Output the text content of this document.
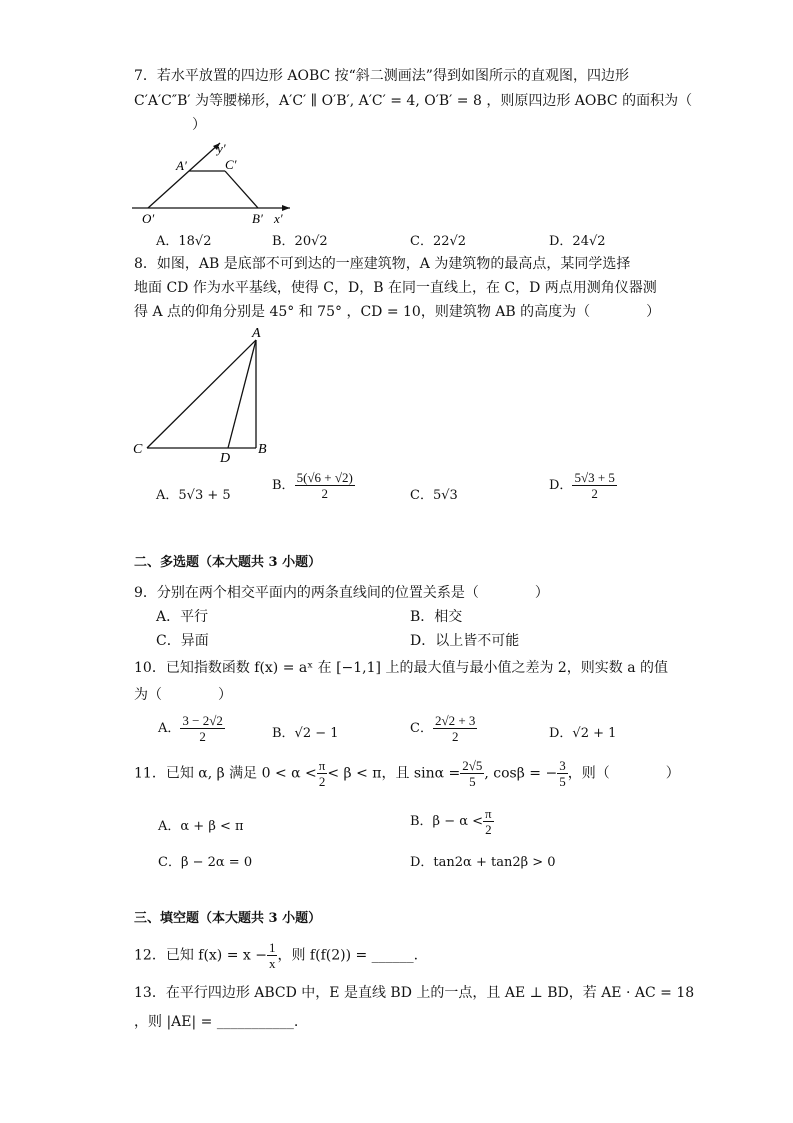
7．若水平放置的四边形 AOBC 按“斜二测画法”得到如图所示的直观图，四边形
C′A′C″B′ 为等腰梯形，A′C′ ∥ O′B′, A′C′ = 4, O′B′ = 8 ，则原四边形 AOBC 的面积为（
）
A′	C′
O′	B′ x′
y′
A．18√2	B．20√2	C．22√2	D．24√2
8．如图，AB 是底部不可到达的一座建筑物，A 为建筑物的最高点，某同学选择
地面 CD 作为水平基线，使得 C，D，B 在同一直线上，在 C，D 两点用测角仪器测
得 A 点的仰角分别是 45° 和 75° ，CD = 10，则建筑物 AB 的高度为（　　　　）
A
C
D
B
A．5√3 + 5
B． $\frac{5(√6 + √2)}{2}$	C．5√3
D． $\frac{5√3 + 5}{2}$
二、多选题（本大题共 3 小题）
9．分别在两个相交平面内的两条直线间的位置关系是（　　　　）
A．平行	B．相交
C．异面	D．以上皆不可能
10．已知指数函数 f(x) = aˣ 在 [−1,1] 上的最大值与最小值之差为 2，则实数 a 的值
为（　　　　）
A． $\frac{3 - 2√2}{2}$	B．√2 − 1	C． $\frac{2√2 + 3}{2}$	D．√2 + 1
11．已知 α, β 满足 $0 < \alpha < \frac{\pi}{2} < \beta < \pi$，且 $\sin\alpha = \frac{2√5}{5}$ , cosβ = − $\frac{3}{5}$ ，则（　　　　）
A．α + β < π	B．$\beta - \alpha < \frac{\pi}{2}$
C．β − 2α = 0	D．tan2α + tan2β > 0
三、填空题（本大题共 3 小题）
12．已知 $f(x) = x - \frac{1}{x}$ ，则 f(f(2)) = ______.
13．在平行四边形 ABCD 中，E 是直线 BD 上的一点，且 AE ⊥ BD，若 AE · AC = 18
，则 |AE| = ___________.
